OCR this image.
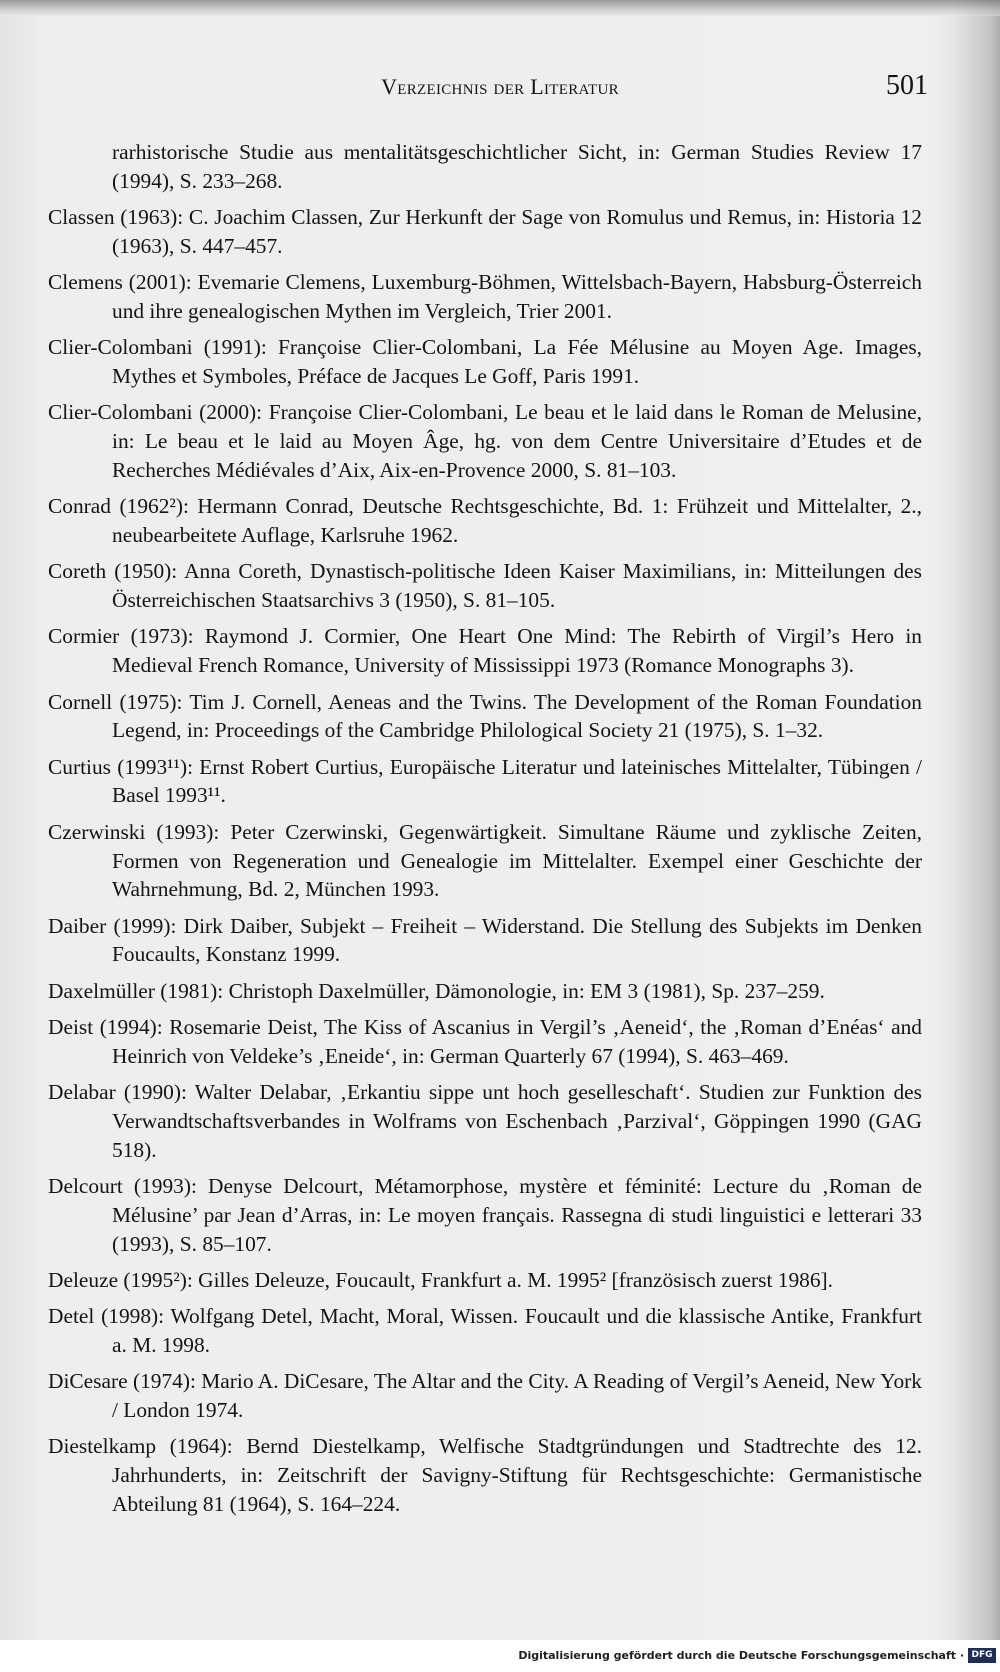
Verzeichnis der Literatur	501

rarhistorische Studie aus mentalitätsgeschichtlicher Sicht, in: German Studies Review 17 (1994), S. 233–268.

Classen (1963): C. Joachim Classen, Zur Herkunft der Sage von Romulus und Remus, in: Historia 12 (1963), S. 447–457.

Clemens (2001): Evemarie Clemens, Luxemburg-Böhmen, Wittelsbach-Bayern, Habsburg-Österreich und ihre genealogischen Mythen im Vergleich, Trier 2001.

Clier-Colombani (1991): Françoise Clier-Colombani, La Fée Mélusine au Moyen Age. Images, Mythes et Symboles, Préface de Jacques Le Goff, Paris 1991.

Clier-Colombani (2000): Françoise Clier-Colombani, Le beau et le laid dans le Roman de Melusine, in: Le beau et le laid au Moyen Âge, hg. von dem Centre Universitaire d’Etudes et de Recherches Médiévales d’Aix, Aix-en-Provence 2000, S. 81–103.

Conrad (1962²): Hermann Conrad, Deutsche Rechtsgeschichte, Bd. 1: Frühzeit und Mittelalter, 2., neubearbeitete Auflage, Karlsruhe 1962.

Coreth (1950): Anna Coreth, Dynastisch-politische Ideen Kaiser Maximilians, in: Mitteilungen des Österreichischen Staatsarchivs 3 (1950), S. 81–105.

Cormier (1973): Raymond J. Cormier, One Heart One Mind: The Rebirth of Virgil’s Hero in Medieval French Romance, University of Mississippi 1973 (Romance Monographs 3).

Cornell (1975): Tim J. Cornell, Aeneas and the Twins. The Development of the Roman Foundation Legend, in: Proceedings of the Cambridge Philological Society 21 (1975), S. 1–32.

Curtius (1993¹¹): Ernst Robert Curtius, Europäische Literatur und lateinisches Mittelalter, Tübingen / Basel 1993¹¹.

Czerwinski (1993): Peter Czerwinski, Gegenwärtigkeit. Simultane Räume und zyklische Zeiten, Formen von Regeneration und Genealogie im Mittelalter. Exempel einer Geschichte der Wahrnehmung, Bd. 2, München 1993.

Daiber (1999): Dirk Daiber, Subjekt – Freiheit – Widerstand. Die Stellung des Subjekts im Denken Foucaults, Konstanz 1999.

Daxelmüller (1981): Christoph Daxelmüller, Dämonologie, in: EM 3 (1981), Sp. 237–259.

Deist (1994): Rosemarie Deist, The Kiss of Ascanius in Vergil’s ‚Aeneid‘, the ‚Roman d’Enéas‘ and Heinrich von Veldeke’s ‚Eneide‘, in: German Quarterly 67 (1994), S. 463–469.

Delabar (1990): Walter Delabar, ‚Erkantiu sippe unt hoch geselleschaft‘. Studien zur Funktion des Verwandtschaftsverbandes in Wolframs von Eschenbach ‚Parzival‘, Göppingen 1990 (GAG 518).

Delcourt (1993): Denyse Delcourt, Métamorphose, mystère et féminité: Lecture du ‚Roman de Mélusine’ par Jean d’Arras, in: Le moyen français. Rassegna di studi linguistici e letterari 33 (1993), S. 85–107.

Deleuze (1995²): Gilles Deleuze, Foucault, Frankfurt a. M. 1995² [französisch zuerst 1986].

Detel (1998): Wolfgang Detel, Macht, Moral, Wissen. Foucault und die klassische Antike, Frankfurt a. M. 1998.

DiCesare (1974): Mario A. DiCesare, The Altar and the City. A Reading of Vergil’s Aeneid, New York / London 1974.

Diestelkamp (1964): Bernd Diestelkamp, Welfische Stadtgründungen und Stadtrechte des 12. Jahrhunderts, in: Zeitschrift der Savigny-Stiftung für Rechtsgeschichte: Germanistische Abteilung 81 (1964), S. 164–224.

Digitalisierung gefördert durch die Deutsche Forschungsgemeinschaft · DFG
